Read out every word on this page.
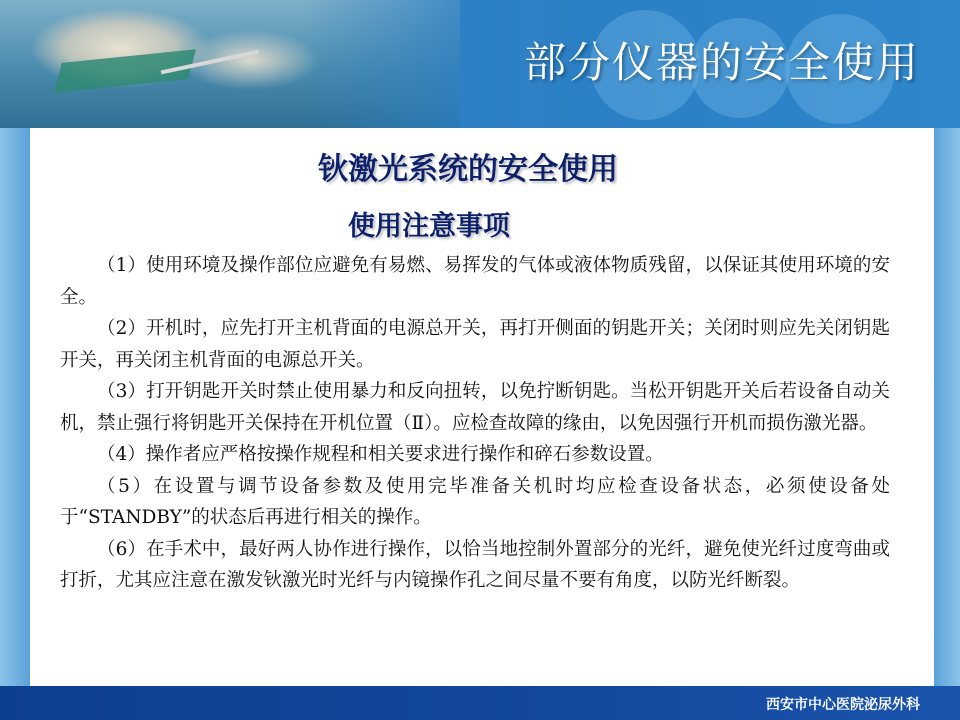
部分仪器的安全使用
钬激光系统的安全使用
使用注意事项

（1）使用环境及操作部位应避免有易燃、易挥发的气体或液体物质残留，以保证其使用环境的安全。

（2）开机时，应先打开主机背面的电源总开关，再打开侧面的钥匙开关；关闭时则应先关闭钥匙开关，再关闭主机背面的电源总开关。

（3）打开钥匙开关时禁止使用暴力和反向扭转，以免拧断钥匙。当松开钥匙开关后若设备自动关机，禁止强行将钥匙开关保持在开机位置（Ⅱ）。应检查故障的缘由，以免因强行开机而损伤激光器。

（4）操作者应严格按操作规程和相关要求进行操作和碎石参数设置。

（5）在设置与调节设备参数及使用完毕准备关机时均应检查设备状态，必须使设备处于“STANDBY”的状态后再进行相关的操作。

（6）在手术中，最好两人协作进行操作，以恰当地控制外置部分的光纤，避免使光纤过度弯曲或打折，尤其应注意在激发钬激光时光纤与内镜操作孔之间尽量不要有角度，以防光纤断裂。

西安市中心医院泌尿外科
